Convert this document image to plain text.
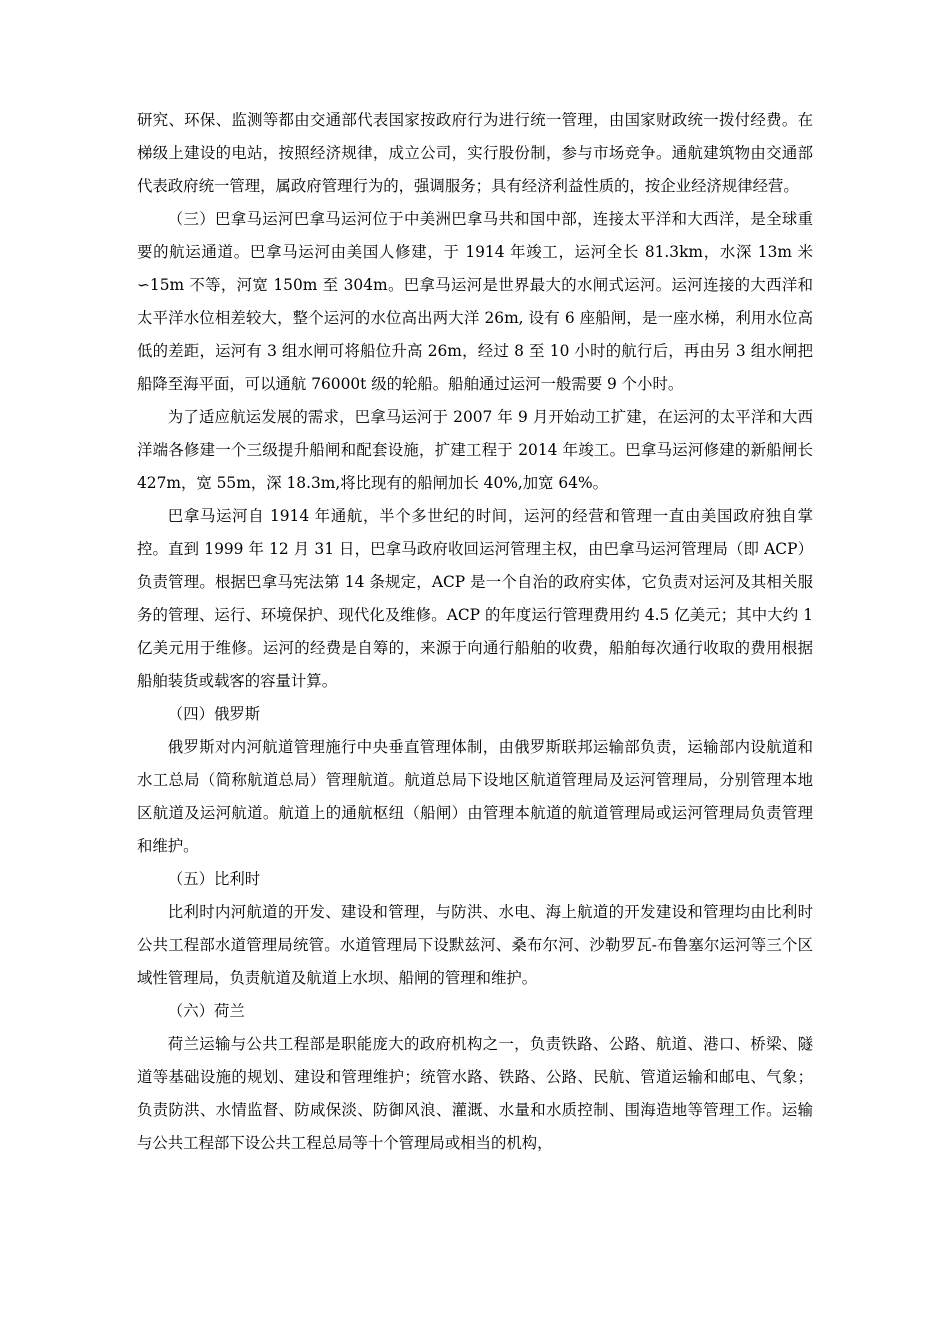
研究、环保、监测等都由交通部代表国家按政府行为进行统一管理，由国家财政统一拨付经费。在梯级上建设的电站，按照经济规律，成立公司，实行股份制，参与市场竞争。通航建筑物由交通部代表政府统一管理，属政府管理行为的，强调服务；具有经济利益性质的，按企业经济规律经营。

（三）巴拿马运河巴拿马运河位于中美洲巴拿马共和国中部，连接太平洋和大西洋，是全球重要的航运通道。巴拿马运河由美国人修建，于 1914 年竣工，运河全长 81.3km，水深 13m 米∽15m 不等，河宽 150m 至 304m。巴拿马运河是世界最大的水闸式运河。运河连接的大西洋和太平洋水位相差较大，整个运河的水位高出两大洋 26m, 设有 6 座船闸，是一座水梯，利用水位高低的差距，运河有 3 组水闸可将船位升高 26m，经过 8 至 10 小时的航行后，再由另 3 组水闸把船降至海平面，可以通航 76000t 级的轮船。船舶通过运河一般需要 9 个小时。

为了适应航运发展的需求，巴拿马运河于 2007 年 9 月开始动工扩建，在运河的太平洋和大西洋端各修建一个三级提升船闸和配套设施，扩建工程于 2014 年竣工。巴拿马运河修建的新船闸长 427m，宽 55m，深 18.3m,将比现有的船闸加长 40%,加宽 64%。

巴拿马运河自 1914 年通航，半个多世纪的时间，运河的经营和管理一直由美国政府独自掌控。直到 1999 年 12 月 31 日，巴拿马政府收回运河管理主权，由巴拿马运河管理局（即 ACP）负责管理。根据巴拿马宪法第 14 条规定，ACP 是一个自治的政府实体，它负责对运河及其相关服务的管理、运行、环境保护、现代化及维修。ACP 的年度运行管理费用约 4.5 亿美元；其中大约 1 亿美元用于维修。运河的经费是自筹的，来源于向通行船舶的收费，船舶每次通行收取的费用根据船舶装货或载客的容量计算。

（四）俄罗斯

俄罗斯对内河航道管理施行中央垂直管理体制，由俄罗斯联邦运输部负责，运输部内设航道和水工总局（简称航道总局）管理航道。航道总局下设地区航道管理局及运河管理局，分别管理本地区航道及运河航道。航道上的通航枢纽（船闸）由管理本航道的航道管理局或运河管理局负责管理和维护。

（五）比利时

比利时内河航道的开发、建设和管理，与防洪、水电、海上航道的开发建设和管理均由比利时公共工程部水道管理局统管。水道管理局下设默兹河、桑布尔河、沙勒罗瓦-布鲁塞尔运河等三个区域性管理局，负责航道及航道上水坝、船闸的管理和维护。

（六）荷兰

荷兰运输与公共工程部是职能庞大的政府机构之一，负责铁路、公路、航道、港口、桥梁、隧道等基础设施的规划、建设和管理维护；统管水路、铁路、公路、民航、管道运输和邮电、气象；负责防洪、水情监督、防咸保淡、防御风浪、灌溉、水量和水质控制、围海造地等管理工作。运输与公共工程部下设公共工程总局等十个管理局或相当的机构，
